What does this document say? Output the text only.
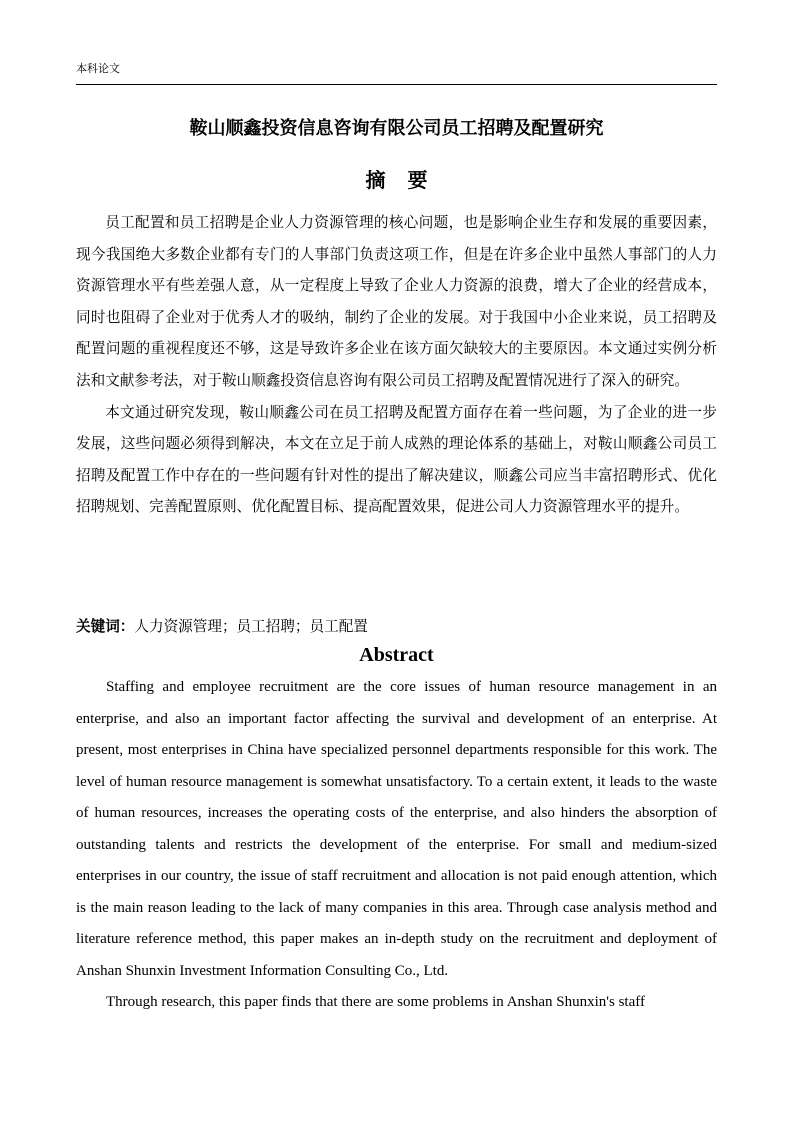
本科论文
鞍山顺鑫投资信息咨询有限公司员工招聘及配置研究
摘要

员工配置和员工招聘是企业人力资源管理的核心问题，也是影响企业生存和发展的重要因素，现今我国绝大多数企业都有专门的人事部门负责这项工作，但是在许多企业中虽然人事部门的人力资源管理水平有些差强人意，从一定程度上导致了企业人力资源的浪费，增大了企业的经营成本，同时也阻碍了企业对于优秀人才的吸纳，制约了企业的发展。对于我国中小企业来说，员工招聘及配置问题的重视程度还不够，这是导致许多企业在该方面欠缺较大的主要原因。本文通过实例分析法和文献参考法，对于鞍山顺鑫投资信息咨询有限公司员工招聘及配置情况进行了深入的研究。

本文通过研究发现，鞍山顺鑫公司在员工招聘及配置方面存在着一些问题，为了企业的进一步发展，这些问题必须得到解决，本文在立足于前人成熟的理论体系的基础上，对鞍山顺鑫公司员工招聘及配置工作中存在的一些问题有针对性的提出了解决建议，顺鑫公司应当丰富招聘形式、优化招聘规划、完善配置原则、优化配置目标、提高配置效果，促进公司人力资源管理水平的提升。

关键词：人力资源管理；员工招聘；员工配置
Abstract

Staffing and employee recruitment are the core issues of human resource management in an enterprise, and also an important factor affecting the survival and development of an enterprise. At present, most enterprises in China have specialized personnel departments responsible for this work. The level of human resource management is somewhat unsatisfactory. To a certain extent, it leads to the waste of human resources, increases the operating costs of the enterprise, and also hinders the absorption of outstanding talents and restricts the development of the enterprise. For small and medium-sized enterprises in our country, the issue of staff recruitment and allocation is not paid enough attention, which is the main reason leading to the lack of many companies in this area. Through case analysis method and literature reference method, this paper makes an in-depth study on the recruitment and deployment of Anshan Shunxin Investment Information Consulting Co., Ltd.

Through research, this paper finds that there are some problems in Anshan Shunxin's staff
